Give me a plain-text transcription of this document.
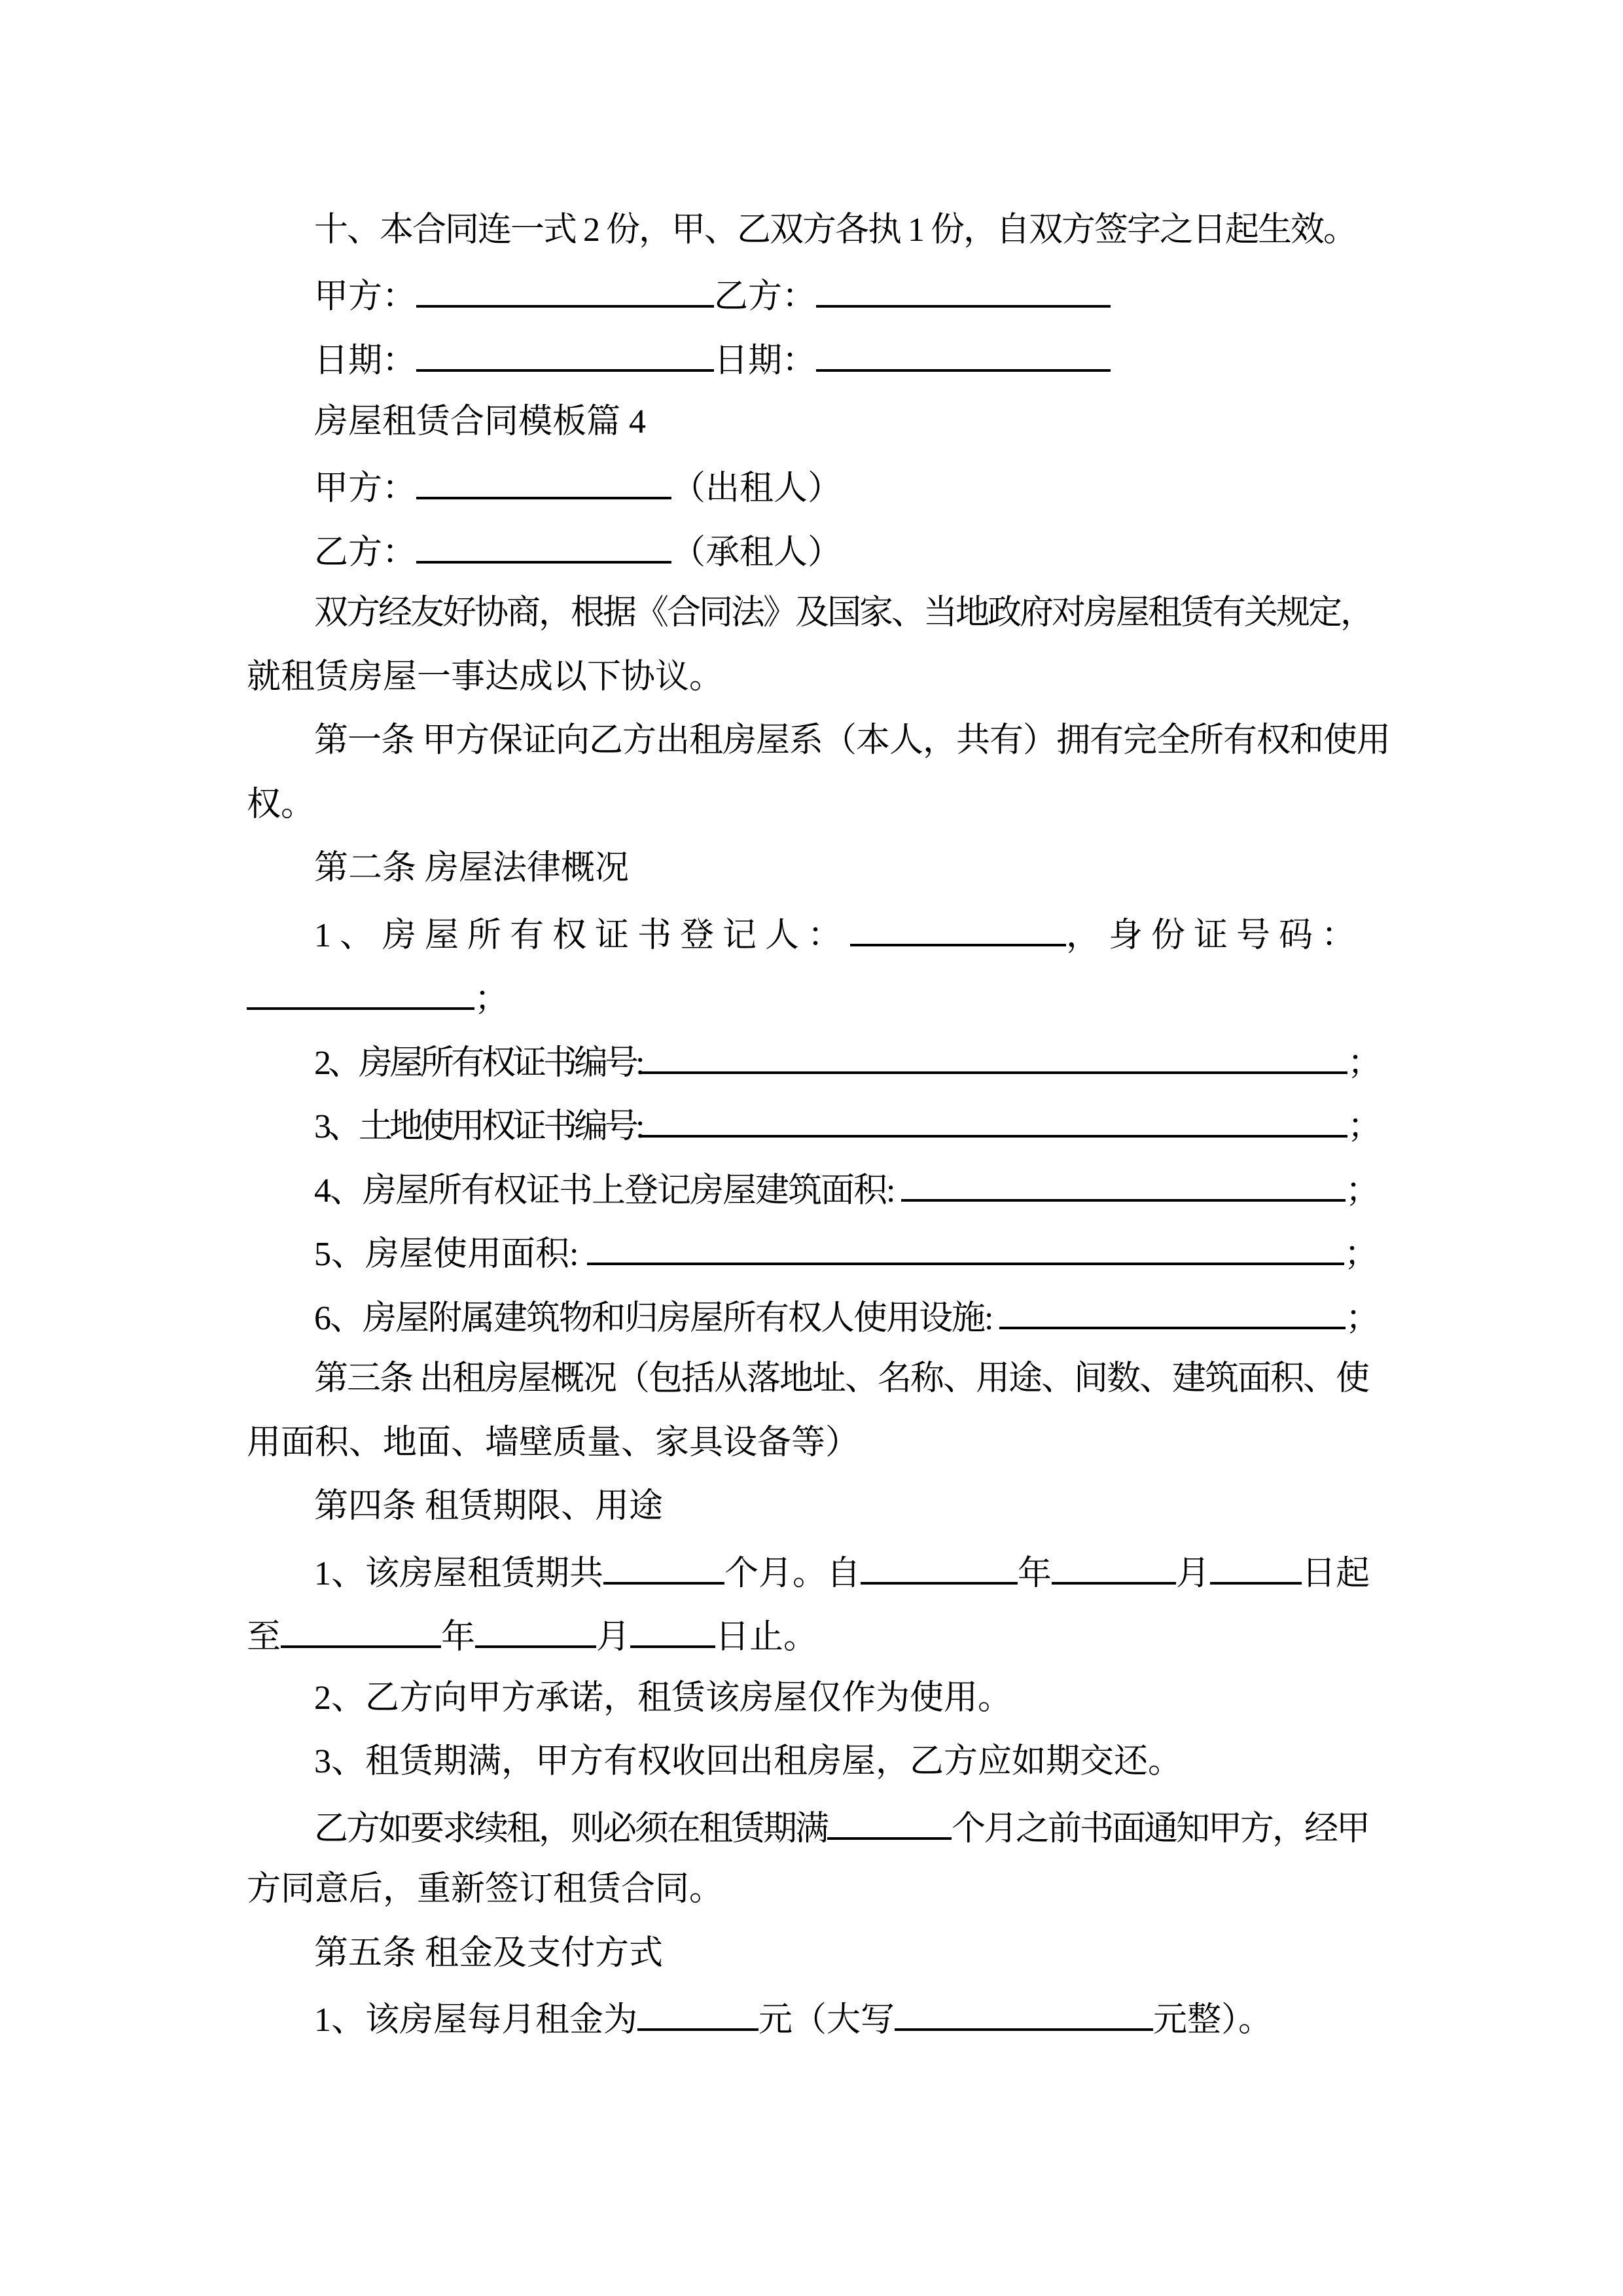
十、本合同连一式 2 份，甲、乙双方各执 1 份，自双方签字之日起生效。
甲方：	乙方：
日期：	日期：
房屋租赁合同模板篇 4
甲方：	（出租人）
乙方：	（承租人）
双方经友好协商，根据《合同法》及国家、当地政府对房屋租赁有关规定，
就租赁房屋一事达成以下协议。
第一条 甲方保证向乙方出租房屋系（本人，共有）拥有完全所有权和使用
权。
第二条 房屋法律概况
1、房屋所有权证书登记人：	，身份证号码：
；
2、房屋所有权证书编号:	；
3、土地使用权证书编号:	；
4、房屋所有权证书上登记房屋建筑面积:	；
5、房屋使用面积:	；
6、房屋附属建筑物和归房屋所有权人使用设施:	；
第三条 出租房屋概况（包括从落地址、名称、用途、间数、建筑面积、使
用面积、地面、墙壁质量、家具设备等）
第四条 租赁期限、用途
1、该房屋租赁期共	个月。自	年	月	日起
至	年	月	日止。
2、乙方向甲方承诺，租赁该房屋仅作为使用。
3、租赁期满，甲方有权收回出租房屋，乙方应如期交还。
乙方如要求续租，则必须在租赁期满	个月之前书面通知甲方，经甲
方同意后，重新签订租赁合同。
第五条 租金及支付方式
1、该房屋每月租金为	元（大写	元整）。
